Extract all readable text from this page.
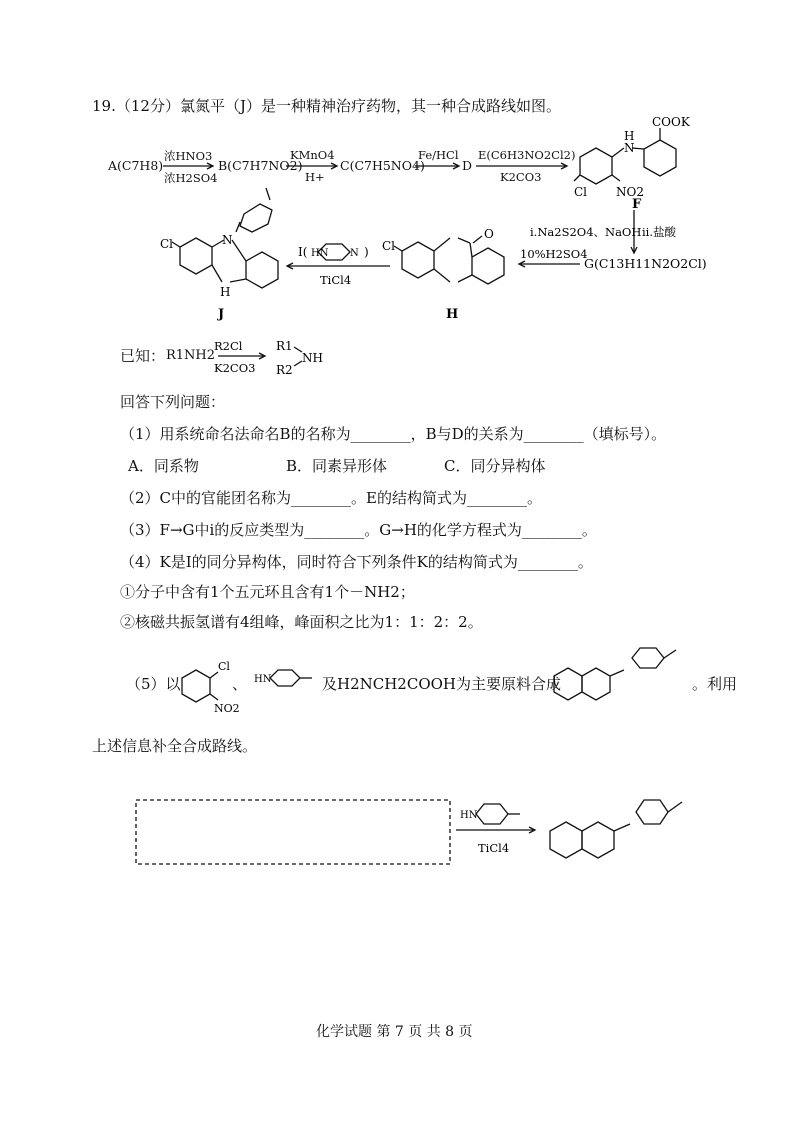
19.（12分）氯氮平（J）是一种精神治疗药物，其一种合成路线如图。
A(C7H8)
浓HNO3
浓H2SO4
B(C7H7NO2)
KMnO4
H+
C(C7H5NO4)
Fe/HCl
D
E(C6H3NO2Cl2)
K2CO3
Cl NO2
N
H
COOK
F
Cl
O
H
Cl	N
H
J
I( HN N )
TiCl4
i.Na2S2O4、NaOH ii.盐酸
G(C13H11N2O2Cl)
10%H2SO4
R2Cl
K2CO3
R1
R2
NH
Cl
NO2
HN
HN
TiCl4
已知： R1NH2
回答下列问题：
（1）用系统命名法命名B的名称为________，B与D的关系为________（填标号）。
A．同系物	B．同素异形体	C．同分异构体
（2）C中的官能团名称为________。E的结构简式为________。
（3）F→G中i的反应类型为________。G→H的化学方程式为________。
（4）K是I的同分异构体，同时符合下列条件K的结构简式为________。
①分子中含有1个五元环且含有1个－NH2；
②核磁共振氢谱有4组峰，峰面积之比为1：1：2：2。
（5）以	、	及H2NCH2COOH为主要原料合成	。利用
上述信息补全合成路线。
化学试题 第 7 页 共 8 页
